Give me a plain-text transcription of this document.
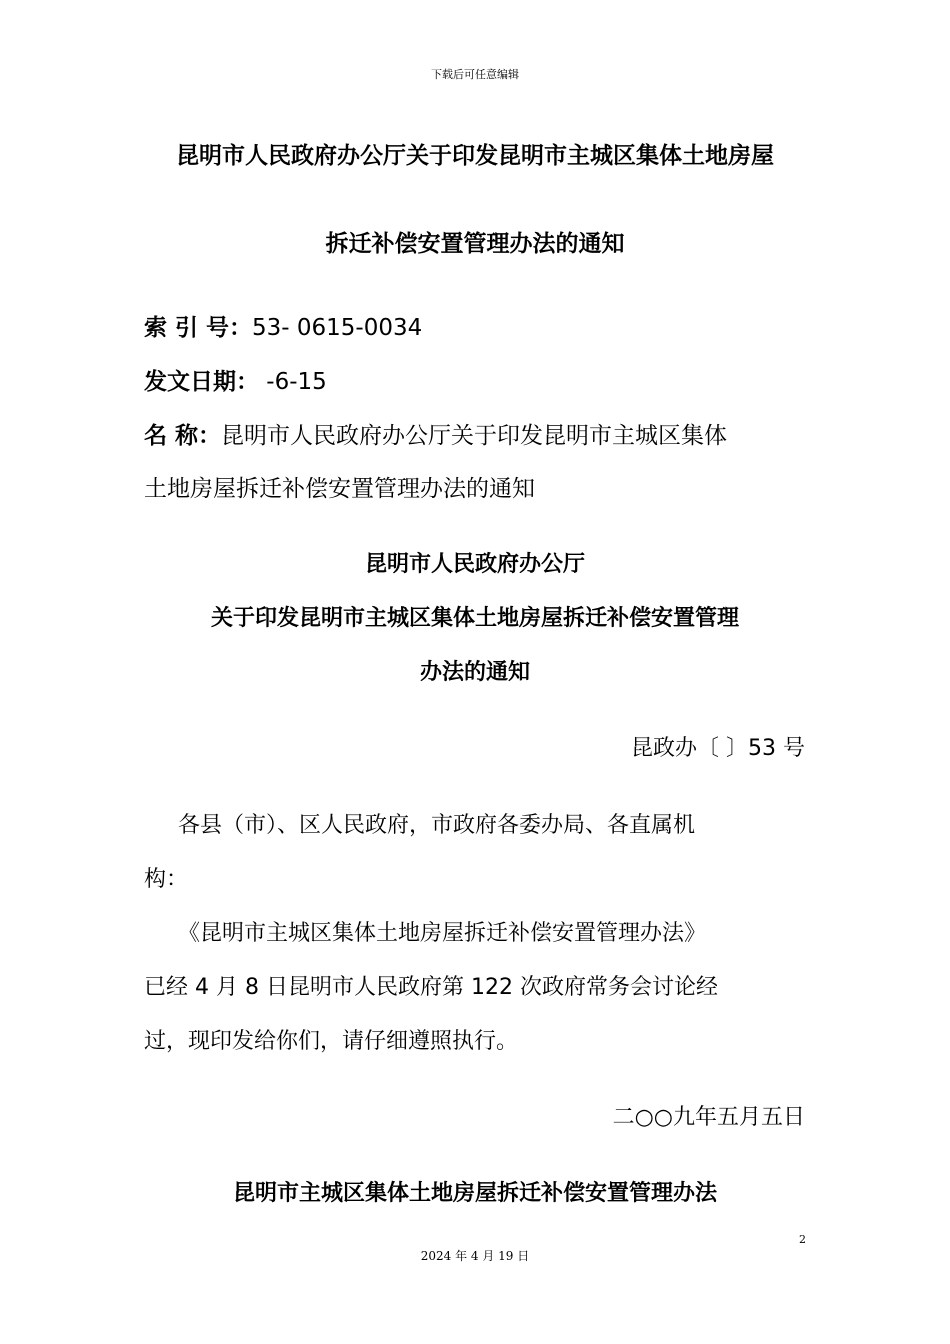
下载后可任意编辑
昆明市人民政府办公厅关于印发昆明市主城区集体土地房屋
拆迁补偿安置管理办法的通知
索 引 号：53- 0615-0034
发文日期： -6-15
名 称：昆明市人民政府办公厅关于印发昆明市主城区集体
土地房屋拆迁补偿安置管理办法的通知
昆明市人民政府办公厅
关于印发昆明市主城区集体土地房屋拆迁补偿安置管理
办法的通知
昆政办〔 〕53 号
各县（市）、区人民政府，市政府各委办局、各直属机
构：
《昆明市主城区集体土地房屋拆迁补偿安置管理办法》
已经 4 月 8 日昆明市人民政府第 122 次政府常务会讨论经
过，现印发给你们，请仔细遵照执行。
二○○九年五月五日
昆明市主城区集体土地房屋拆迁补偿安置管理办法
2
2024 年 4 月 19 日
